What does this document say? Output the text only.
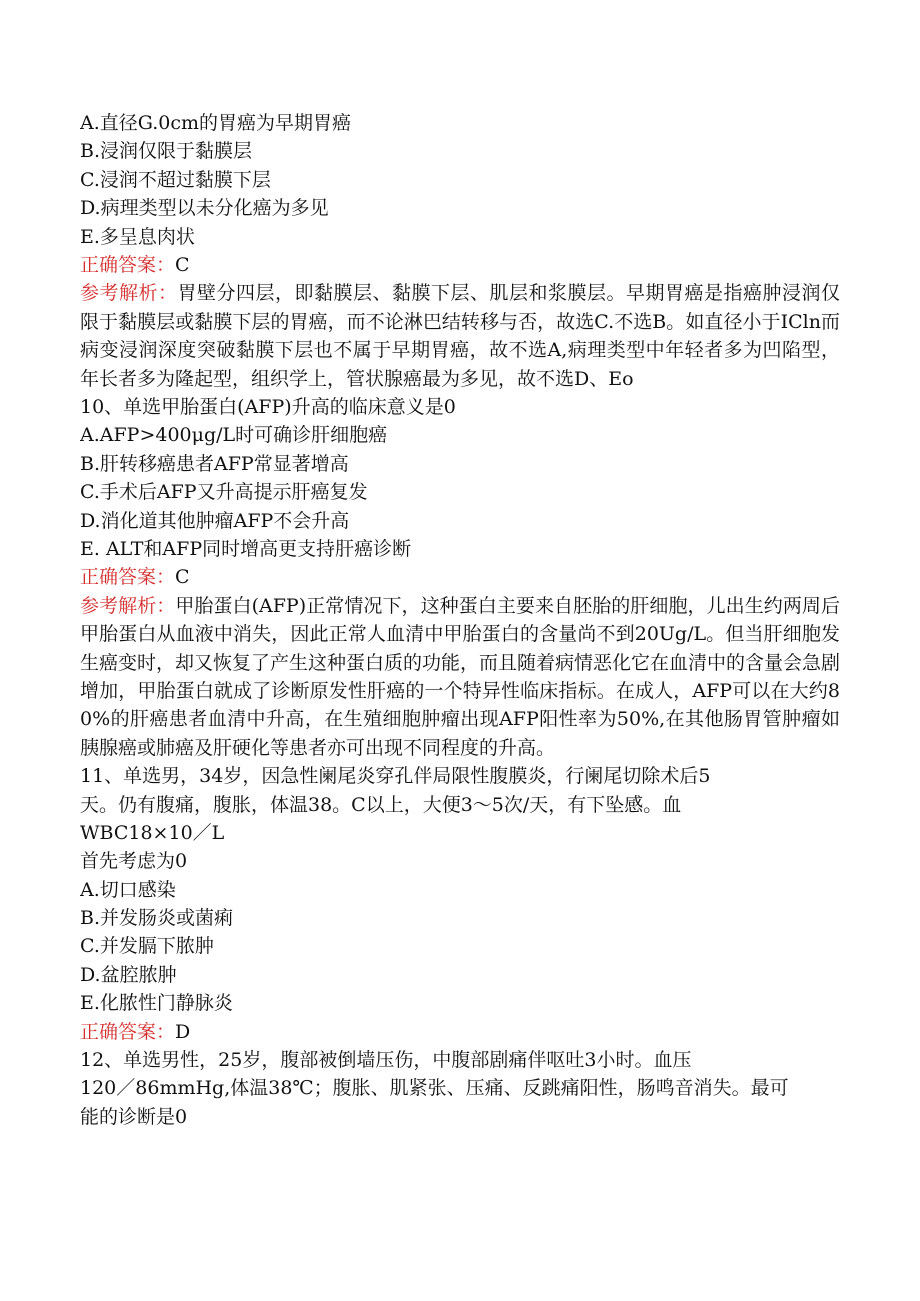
A.直径G.0cm的胃癌为早期胃癌
B.浸润仅限于黏膜层
C.浸润不超过黏膜下层
D.病理类型以未分化癌为多见
E.多呈息肉状
正确答案：C
参考解析：胃壁分四层，即黏膜层、黏膜下层、肌层和浆膜层。早期胃癌是指癌肿浸润仅限于黏膜层或黏膜下层的胃癌，而不论淋巴结转移与否，故选C.不选B。如直径小于ICln而病变浸润深度突破黏膜下层也不属于早期胃癌，故不选A,病理类型中年轻者多为凹陷型，年长者多为隆起型，组织学上，管状腺癌最为多见，故不选D、Eo
10、单选甲胎蛋白(AFP)升高的临床意义是0
A.AFP>400μg/L时可确诊肝细胞癌
B.肝转移癌患者AFP常显著增高
C.手术后AFP又升高提示肝癌复发
D.消化道其他肿瘤AFP不会升高
E. ALT和AFP同时增高更支持肝癌诊断
正确答案：C
参考解析：甲胎蛋白(AFP)正常情况下，这种蛋白主要来自胚胎的肝细胞，儿出生约两周后甲胎蛋白从血液中消失，因此正常人血清中甲胎蛋白的含量尚不到20Ug/L。但当肝细胞发生癌变时，却又恢复了产生这种蛋白质的功能，而且随着病情恶化它在血清中的含量会急剧增加，甲胎蛋白就成了诊断原发性肝癌的一个特异性临床指标。在成人，AFP可以在大约80%的肝癌患者血清中升高，在生殖细胞肿瘤出现AFP阳性率为50%,在其他肠胃管肿瘤如胰腺癌或肺癌及肝硬化等患者亦可出现不同程度的升高。
11、单选男，34岁，因急性阑尾炎穿孔伴局限性腹膜炎，行阑尾切除术后5
天。仍有腹痛，腹胀，体温38。C以上，大便3～5次/天，有下坠感。血
WBC18×10／L
首先考虑为0
A.切口感染
B.并发肠炎或菌痢
C.并发膈下脓肿
D.盆腔脓肿
E.化脓性门静脉炎
正确答案：D
12、单选男性，25岁，腹部被倒墙压伤，中腹部剧痛伴呕吐3小时。血压
120／86mmHg,体温38℃；腹胀、肌紧张、压痛、反跳痛阳性，肠鸣音消失。最可
能的诊断是0
